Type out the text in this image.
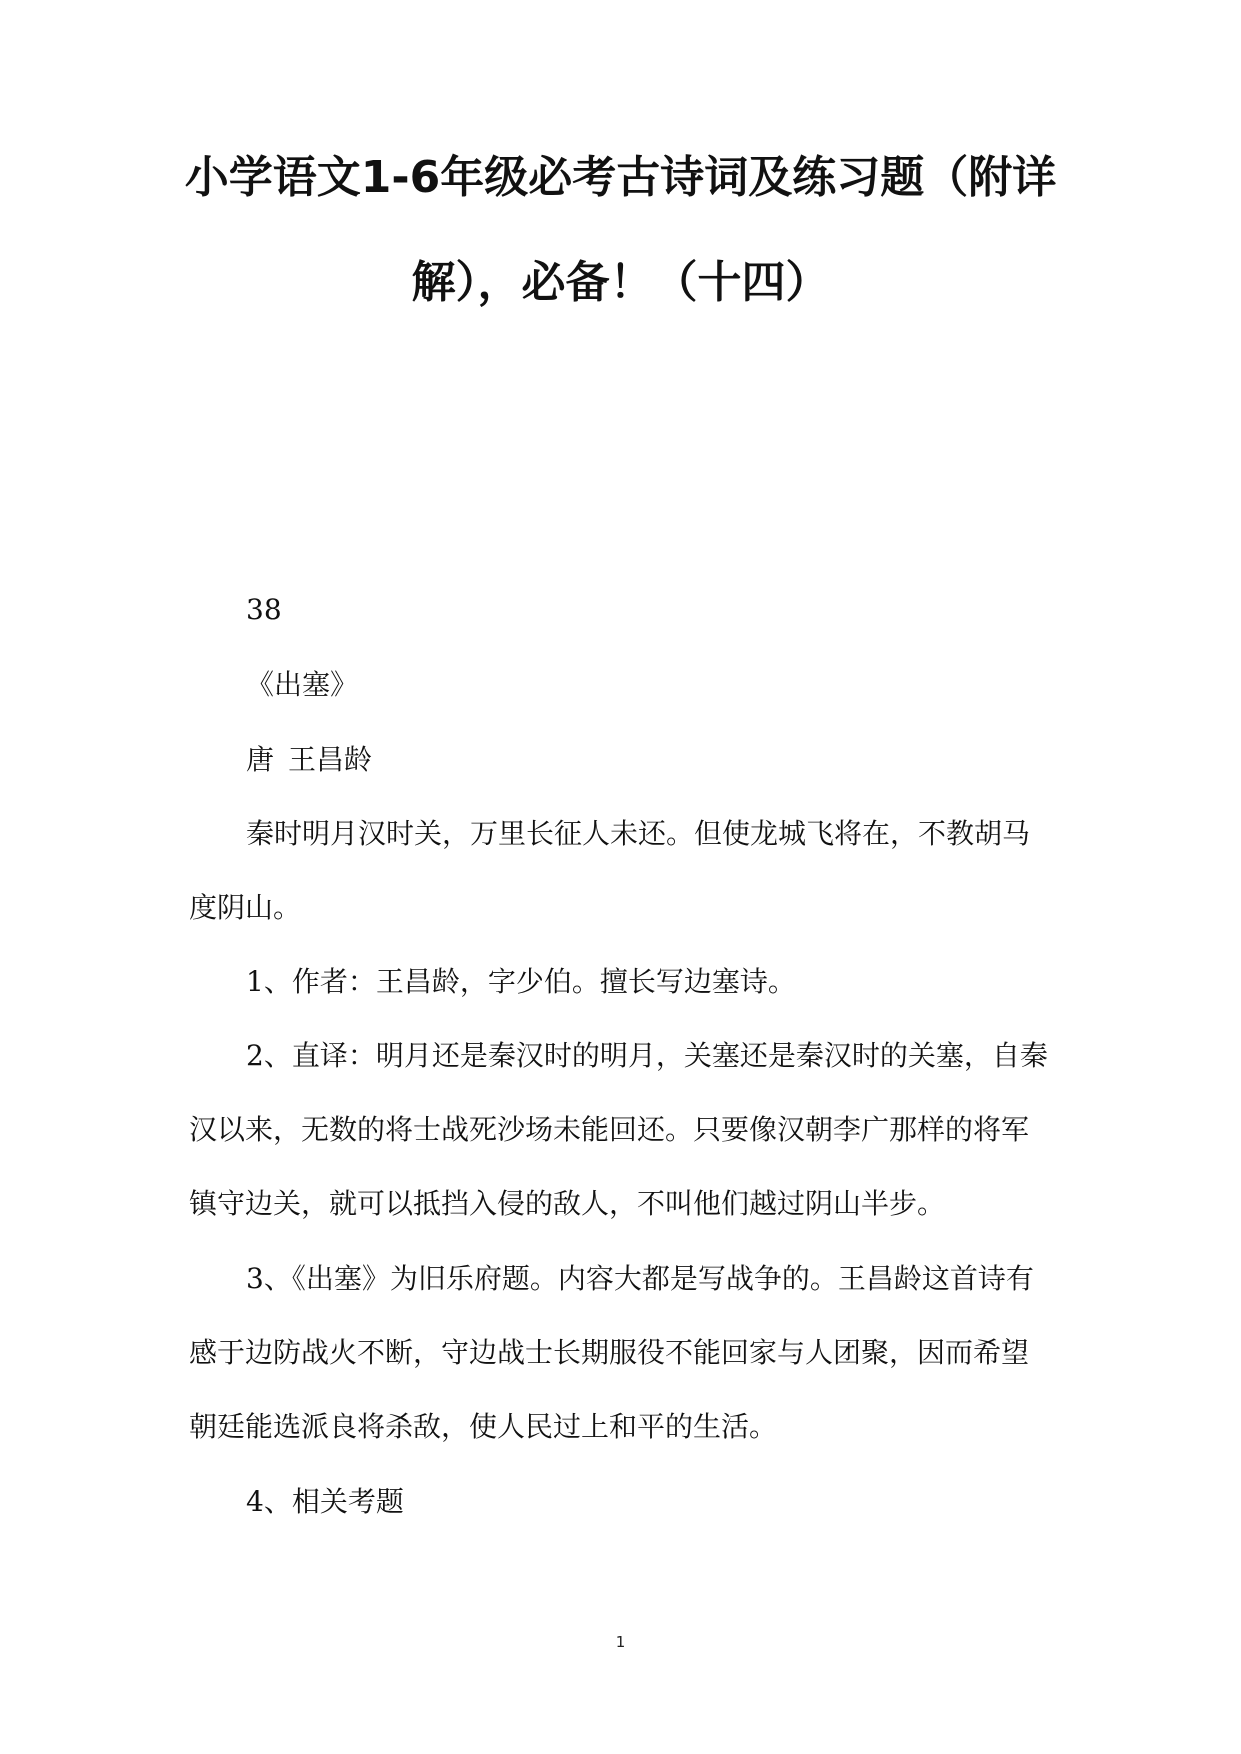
小学语文1-6年级必考古诗词及练习题（附详
解），必备！（十四）

38

《出塞》

唐 王昌龄

秦时明月汉时关，万里长征人未还。但使龙城飞将在，不教胡马度阴山。

1、作者：王昌龄，字少伯。擅长写边塞诗。

2、直译：明月还是秦汉时的明月，关塞还是秦汉时的关塞，自秦汉以来，无数的将士战死沙场未能回还。只要像汉朝李广那样的将军镇守边关，就可以抵挡入侵的敌人，不叫他们越过阴山半步。

3、《出塞》为旧乐府题。内容大都是写战争的。王昌龄这首诗有感于边防战火不断，守边战士长期服役不能回家与人团聚，因而希望朝廷能选派良将杀敌，使人民过上和平的生活。

4、相关考题

1
